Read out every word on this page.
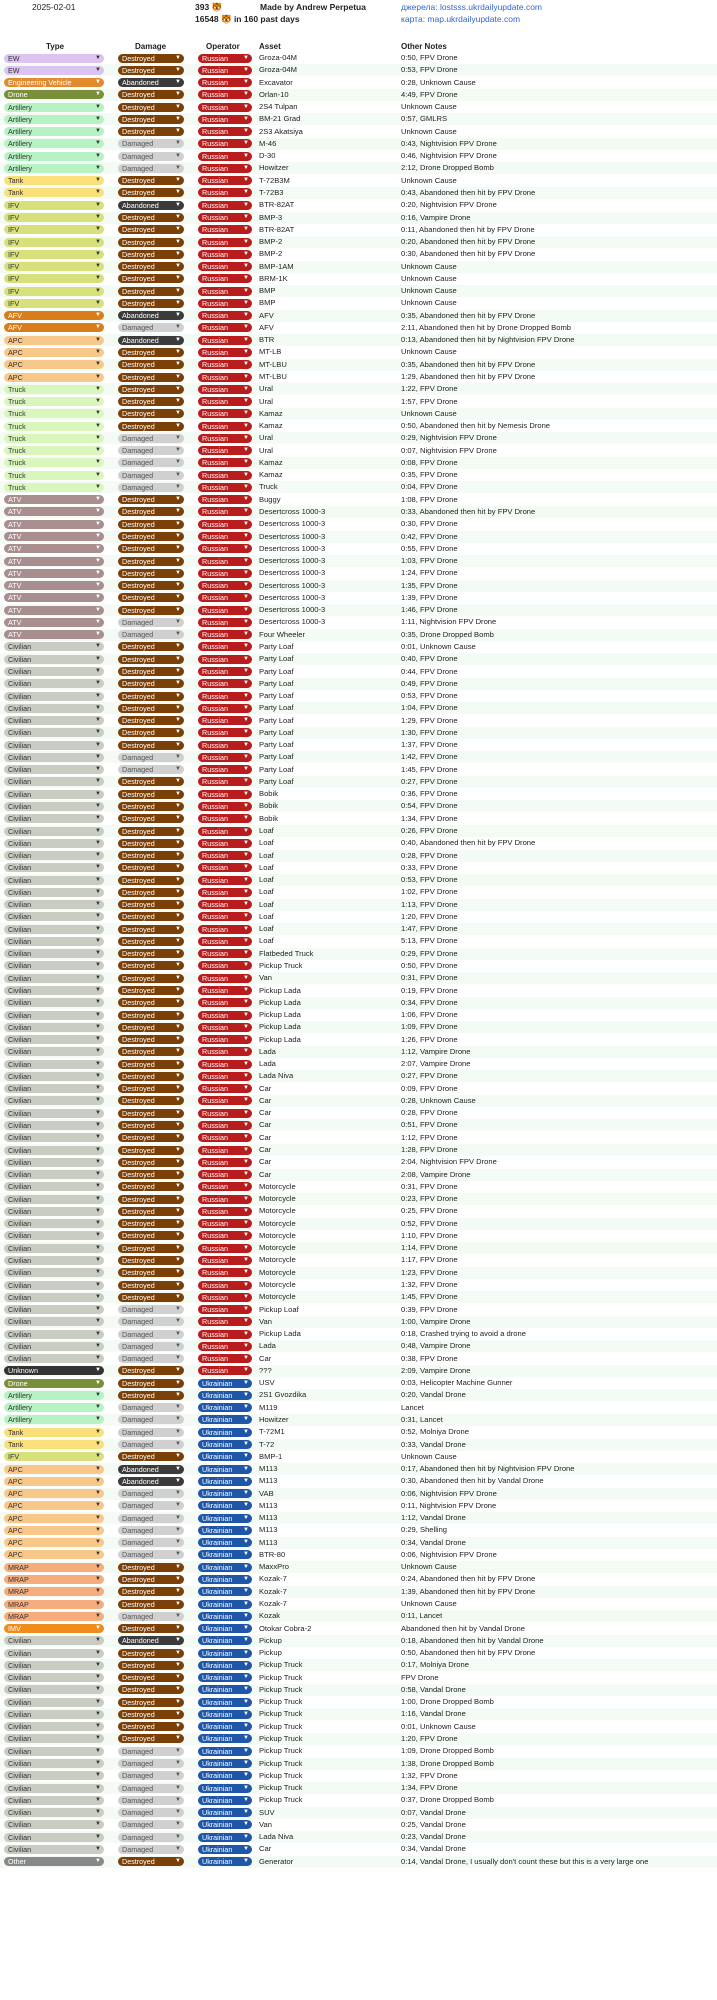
2025-02-01	393 🐯
16548 🐯 in 160 past days
Made by Andrew Perpetua	джерела: lostsss.ukrdailyupdate.com
карта: map.ukrdailyupdate.com
Type	Damage	Operator Asset	Other Notes
EW	▼	Destroyed	▼	Russian	▼ Groza-04M	0:50, FPV Drone
EW	▼	Destroyed	▼	Russian	▼ Groza-04M	0:53, FPV Drone
Engineering Vehicle	▼	Abandoned	▼	Russian	▼ Excavator	0:28, Unknown Cause
Drone	▼	Destroyed	▼	Russian	▼ Orlan-10	4:49, FPV Drone
Artillery	▼	Destroyed	▼	Russian	▼ 2S4 Tulpan	Unknown Cause
Artillery	▼	Destroyed	▼	Russian	▼ BM-21 Grad	0:57, GMLRS
Artillery	▼	Destroyed	▼	Russian	▼ 2S3 Akatsiya	Unknown Cause
Artillery	▼	Damaged	▼	Russian	▼ M-46	0:43, Nightvision FPV Drone
Artillery	▼	Damaged	▼	Russian	▼ D-30	0:46, Nightvision FPV Drone
Artillery	▼	Damaged	▼	Russian	▼ Howitzer	2:12, Drone Dropped Bomb
Tank	▼	Destroyed	▼	Russian	▼ T-72B3M	Unknown Cause
Tank	▼	Destroyed	▼	Russian	▼ T-72B3	0:43, Abandoned then hit by FPV Drone
IFV	▼	Abandoned	▼	Russian	▼ BTR-82AT	0:20, Nightvision FPV Drone
IFV	▼	Destroyed	▼	Russian	▼ BMP-3	0:16, Vampire Drone
IFV	▼	Destroyed	▼	Russian	▼ BTR-82AT	0:11, Abandoned then hit by FPV Drone
IFV	▼	Destroyed	▼	Russian	▼ BMP-2	0:20, Abandoned then hit by FPV Drone
IFV	▼	Destroyed	▼	Russian	▼ BMP-2	0:30, Abandoned then hit by FPV Drone
IFV	▼	Destroyed	▼	Russian	▼ BMP-1AM	Unknown Cause
IFV	▼	Destroyed	▼	Russian	▼ BRM-1K	Unknown Cause
IFV	▼	Destroyed	▼	Russian	▼ BMP	Unknown Cause
IFV	▼	Destroyed	▼	Russian	▼ BMP	Unknown Cause
AFV	▼	Abandoned	▼	Russian	▼ AFV	0:35, Abandoned then hit by FPV Drone
AFV	▼	Damaged	▼	Russian	▼ AFV	2:11, Abandoned then hit by Drone Dropped Bomb
APC	▼	Abandoned	▼	Russian	▼ BTR	0:13, Abandoned then hit by Nightvision FPV Drone
APC	▼	Destroyed	▼	Russian	▼ MT-LB	Unknown Cause
APC	▼	Destroyed	▼	Russian	▼ MT-LBU	0:35, Abandoned then hit by FPV Drone
APC	▼	Destroyed	▼	Russian	▼ MT-LBU	1:29, Abandoned then hit by FPV Drone
Truck	▼	Destroyed	▼	Russian	▼ Ural	1:22, FPV Drone
Truck	▼	Destroyed	▼	Russian	▼ Ural	1:57, FPV Drone
Truck	▼	Destroyed	▼	Russian	▼ Kamaz	Unknown Cause
Truck	▼	Destroyed	▼	Russian	▼ Kamaz	0:50, Abandoned then hit by Nemesis Drone
Truck	▼	Damaged	▼	Russian	▼ Ural	0:29, Nightvision FPV Drone
Truck	▼	Damaged	▼	Russian	▼ Ural	0:07, Nightvision FPV Drone
Truck	▼	Damaged	▼	Russian	▼ Kamaz	0:08, FPV Drone
Truck	▼	Damaged	▼	Russian	▼ Kamaz	0:35, FPV Drone
Truck	▼	Damaged	▼	Russian	▼ Truck	0:04, FPV Drone
ATV	▼	Destroyed	▼	Russian	▼ Buggy	1:08, FPV Drone
ATV	▼	Destroyed	▼	Russian	▼ Desertcross 1000-3	0:33, Abandoned then hit by FPV Drone
ATV	▼	Destroyed	▼	Russian	▼ Desertcross 1000-3	0:30, FPV Drone
ATV	▼	Destroyed	▼	Russian	▼ Desertcross 1000-3	0:42, FPV Drone
ATV	▼	Destroyed	▼	Russian	▼ Desertcross 1000-3	0:55, FPV Drone
ATV	▼	Destroyed	▼	Russian	▼ Desertcross 1000-3	1:03, FPV Drone
ATV	▼	Destroyed	▼	Russian	▼ Desertcross 1000-3	1:24, FPV Drone
ATV	▼	Destroyed	▼	Russian	▼ Desertcross 1000-3	1:35, FPV Drone
ATV	▼	Destroyed	▼	Russian	▼ Desertcross 1000-3	1:39, FPV Drone
ATV	▼	Destroyed	▼	Russian	▼ Desertcross 1000-3	1:46, FPV Drone
ATV	▼	Damaged	▼	Russian	▼ Desertcross 1000-3	1:11, Nightvision FPV Drone
ATV	▼	Damaged	▼	Russian	▼ Four Wheeler	0:35, Drone Dropped Bomb
Civilian	▼	Destroyed	▼	Russian	▼ Party Loaf	0:01, Unknown Cause
Civilian	▼	Destroyed	▼	Russian	▼ Party Loaf	0:40, FPV Drone
Civilian	▼	Destroyed	▼	Russian	▼ Party Loaf	0:44, FPV Drone
Civilian	▼	Destroyed	▼	Russian	▼ Party Loaf	0:49, FPV Drone
Civilian	▼	Destroyed	▼	Russian	▼ Party Loaf	0:53, FPV Drone
Civilian	▼	Destroyed	▼	Russian	▼ Party Loaf	1:04, FPV Drone
Civilian	▼	Destroyed	▼	Russian	▼ Party Loaf	1:29, FPV Drone
Civilian	▼	Destroyed	▼	Russian	▼ Party Loaf	1:30, FPV Drone
Civilian	▼	Destroyed	▼	Russian	▼ Party Loaf	1:37, FPV Drone
Civilian	▼	Damaged	▼	Russian	▼ Party Loaf	1:42, FPV Drone
Civilian	▼	Damaged	▼	Russian	▼ Party Loaf	1:45, FPV Drone
Civilian	▼	Destroyed	▼	Russian	▼ Party Loaf	0:27, FPV Drone
Civilian	▼	Destroyed	▼	Russian	▼ Bobik	0:36, FPV Drone
Civilian	▼	Destroyed	▼	Russian	▼ Bobik	0:54, FPV Drone
Civilian	▼	Destroyed	▼	Russian	▼ Bobik	1:34, FPV Drone
Civilian	▼	Destroyed	▼	Russian	▼ Loaf	0:26, FPV Drone
Civilian	▼	Destroyed	▼	Russian	▼ Loaf	0:40, Abandoned then hit by FPV Drone
Civilian	▼	Destroyed	▼	Russian	▼ Loaf	0:28, FPV Drone
Civilian	▼	Destroyed	▼	Russian	▼ Loaf	0:33, FPV Drone
Civilian	▼	Destroyed	▼	Russian	▼ Loaf	0:53, FPV Drone
Civilian	▼	Destroyed	▼	Russian	▼ Loaf	1:02, FPV Drone
Civilian	▼	Destroyed	▼	Russian	▼ Loaf	1:13, FPV Drone
Civilian	▼	Destroyed	▼	Russian	▼ Loaf	1:20, FPV Drone
Civilian	▼	Destroyed	▼	Russian	▼ Loaf	1:47, FPV Drone
Civilian	▼	Destroyed	▼	Russian	▼ Loaf	5:13, FPV Drone
Civilian	▼	Destroyed	▼	Russian	▼ Flatbeded Truck	0:29, FPV Drone
Civilian	▼	Destroyed	▼	Russian	▼ Pickup Truck	0:50, FPV Drone
Civilian	▼	Destroyed	▼	Russian	▼ Van	0:31, FPV Drone
Civilian	▼	Destroyed	▼	Russian	▼ Pickup Lada	0:19, FPV Drone
Civilian	▼	Destroyed	▼	Russian	▼ Pickup Lada	0:34, FPV Drone
Civilian	▼	Destroyed	▼	Russian	▼ Pickup Lada	1:06, FPV Drone
Civilian	▼	Destroyed	▼	Russian	▼ Pickup Lada	1:09, FPV Drone
Civilian	▼	Destroyed	▼	Russian	▼ Pickup Lada	1:26, FPV Drone
Civilian	▼	Destroyed	▼	Russian	▼ Lada	1:12, Vampire Drone
Civilian	▼	Destroyed	▼	Russian	▼ Lada	2:07, Vampire Drone
Civilian	▼	Destroyed	▼	Russian	▼ Lada Niva	0:27, FPV Drone
Civilian	▼	Destroyed	▼	Russian	▼ Car	0:09, FPV Drone
Civilian	▼	Destroyed	▼	Russian	▼ Car	0:28, Unknown Cause
Civilian	▼	Destroyed	▼	Russian	▼ Car	0:28, FPV Drone
Civilian	▼	Destroyed	▼	Russian	▼ Car	0:51, FPV Drone
Civilian	▼	Destroyed	▼	Russian	▼ Car	1:12, FPV Drone
Civilian	▼	Destroyed	▼	Russian	▼ Car	1:28, FPV Drone
Civilian	▼	Destroyed	▼	Russian	▼ Car	2:04, Nightvision FPV Drone
Civilian	▼	Destroyed	▼	Russian	▼ Car	2:08, Vampire Drone
Civilian	▼	Destroyed	▼	Russian	▼ Motorcycle	0:31, FPV Drone
Civilian	▼	Destroyed	▼	Russian	▼ Motorcycle	0:23, FPV Drone
Civilian	▼	Destroyed	▼	Russian	▼ Motorcycle	0:25, FPV Drone
Civilian	▼	Destroyed	▼	Russian	▼ Motorcycle	0:52, FPV Drone
Civilian	▼	Destroyed	▼	Russian	▼ Motorcycle	1:10, FPV Drone
Civilian	▼	Destroyed	▼	Russian	▼ Motorcycle	1:14, FPV Drone
Civilian	▼	Destroyed	▼	Russian	▼ Motorcycle	1:17, FPV Drone
Civilian	▼	Destroyed	▼	Russian	▼ Motorcycle	1:23, FPV Drone
Civilian	▼	Destroyed	▼	Russian	▼ Motorcycle	1:32, FPV Drone
Civilian	▼	Destroyed	▼	Russian	▼ Motorcycle	1:45, FPV Drone
Civilian	▼	Damaged	▼	Russian	▼ Pickup Loaf	0:39, FPV Drone
Civilian	▼	Damaged	▼	Russian	▼ Van	1:00, Vampire Drone
Civilian	▼	Damaged	▼	Russian	▼ Pickup Lada	0:18, Crashed trying to avoid a drone
Civilian	▼	Damaged	▼	Russian	▼ Lada	0:48, Vampire Drone
Civilian	▼	Damaged	▼	Russian	▼ Car	0:38, FPV Drone
Unknown	▼	Destroyed	▼	Russian	▼ ???	2:09, Vampire Drone
Drone	▼	Destroyed	▼	Ukrainian ▼ USV	0:03, Helicopter Machine Gunner
Artillery	▼	Destroyed	▼	Ukrainian ▼ 2S1 Gvozdika	0:20, Vandal Drone
Artillery	▼	Damaged	▼	Ukrainian ▼ M119	Lancet
Artillery	▼	Damaged	▼	Ukrainian ▼ Howitzer	0:31, Lancet
Tank	▼	Damaged	▼	Ukrainian ▼ T-72M1	0:52, Molniya Drone
Tank	▼	Damaged	▼	Ukrainian ▼ T-72	0:33, Vandal Drone
IFV	▼	Destroyed	▼	Ukrainian ▼ BMP-1	Unknown Cause
APC	▼	Abandoned	▼	Ukrainian ▼ M113	0:17, Abandoned then hit by Nightvision FPV Drone
APC	▼	Abandoned	▼	Ukrainian ▼ M113	0:30, Abandoned then hit by Vandal Drone
APC	▼	Damaged	▼	Ukrainian ▼ VAB	0:06, Nightvision FPV Drone
APC	▼	Damaged	▼	Ukrainian ▼ M113	0:11, Nightvision FPV Drone
APC	▼	Damaged	▼	Ukrainian ▼ M113	1:12, Vandal Drone
APC	▼	Damaged	▼	Ukrainian ▼ M113	0:29, Shelling
APC	▼	Damaged	▼	Ukrainian ▼ M113	0:34, Vandal Drone
APC	▼	Damaged	▼	Ukrainian ▼ BTR-80	0:06, Nightvision FPV Drone
MRAP	▼	Destroyed	▼	Ukrainian ▼ MaxxPro	Unknown Cause
MRAP	▼	Destroyed	▼	Ukrainian ▼ Kozak-7	0:24, Abandoned then hit by FPV Drone
MRAP	▼	Destroyed	▼	Ukrainian ▼ Kozak-7	1:39, Abandoned then hit by FPV Drone
MRAP	▼	Destroyed	▼	Ukrainian ▼ Kozak-7	Unknown Cause
MRAP	▼	Damaged	▼	Ukrainian ▼ Kozak	0:11, Lancet
IMV	▼	Destroyed	▼	Ukrainian ▼ Otokar Cobra-2	Abandoned then hit by Vandal Drone
Civilian	▼	Abandoned	▼	Ukrainian ▼ Pickup	0:18, Abandoned then hit by Vandal Drone
Civilian	▼	Destroyed	▼	Ukrainian ▼ Pickup	0:50, Abandoned then hit by FPV Drone
Civilian	▼	Destroyed	▼	Ukrainian ▼ Pickup Truck	0:17, Molniya Drone
Civilian	▼	Destroyed	▼	Ukrainian ▼ Pickup Truck	FPV Drone
Civilian	▼	Destroyed	▼	Ukrainian ▼ Pickup Truck	0:58, Vandal Drone
Civilian	▼	Destroyed	▼	Ukrainian ▼ Pickup Truck	1:00, Drone Dropped Bomb
Civilian	▼	Destroyed	▼	Ukrainian ▼ Pickup Truck	1:16, Vandal Drone
Civilian	▼	Destroyed	▼	Ukrainian ▼ Pickup Truck	0:01, Unknown Cause
Civilian	▼	Destroyed	▼	Ukrainian ▼ Pickup Truck	1:20, FPV Drone
Civilian	▼	Damaged	▼	Ukrainian ▼ Pickup Truck	1:09, Drone Dropped Bomb
Civilian	▼	Damaged	▼	Ukrainian ▼ Pickup Truck	1:38, Drone Dropped Bomb
Civilian	▼	Damaged	▼	Ukrainian ▼ Pickup Truck	1:32, FPV Drone
Civilian	▼	Damaged	▼	Ukrainian ▼ Pickup Truck	1:34, FPV Drone
Civilian	▼	Damaged	▼	Ukrainian ▼ Pickup Truck	0:37, Drone Dropped Bomb
Civilian	▼	Damaged	▼	Ukrainian ▼ SUV	0:07, Vandal Drone
Civilian	▼	Damaged	▼	Ukrainian ▼ Van	0:25, Vandal Drone
Civilian	▼	Damaged	▼	Ukrainian ▼ Lada Niva	0:23, Vandal Drone
Civilian	▼	Damaged	▼	Ukrainian ▼ Car	0:34, Vandal Drone
Other	▼	Destroyed	▼	Ukrainian ▼ Generator	0:14, Vandal Drone, I usually don't count these but this is a very large one
